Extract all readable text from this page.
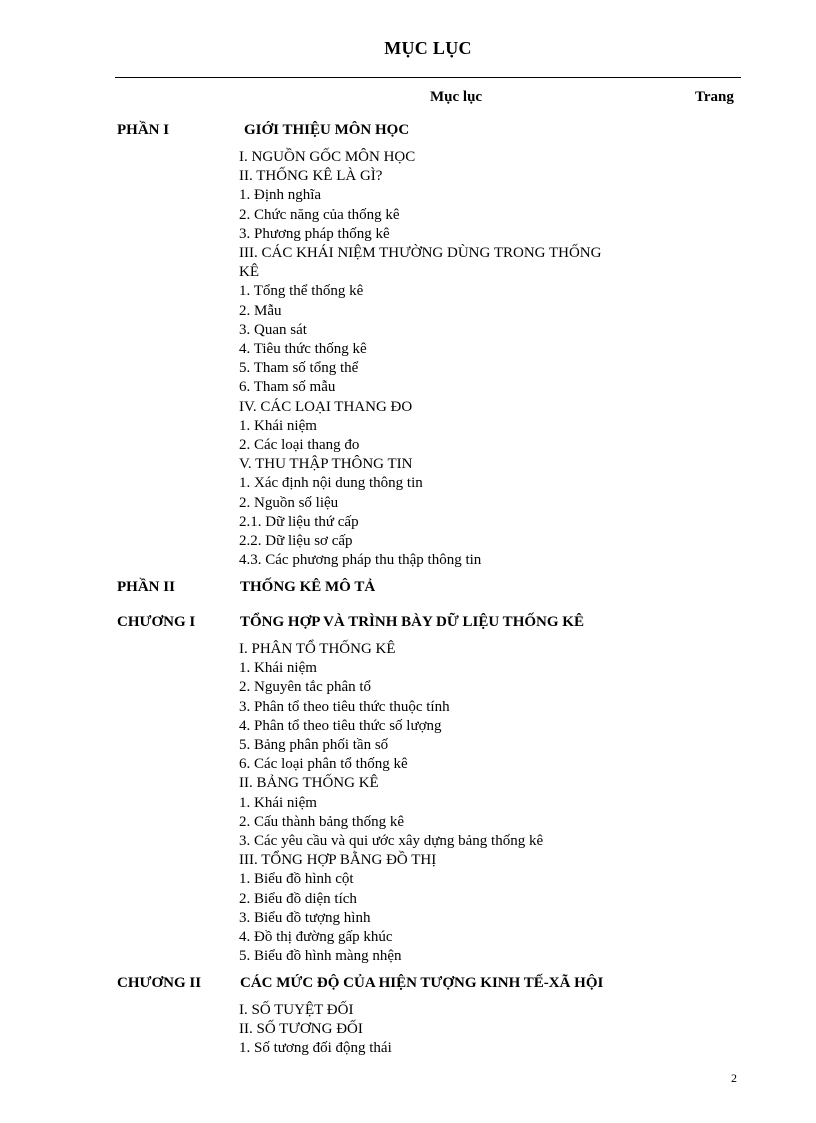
MỤC LỤC
Mục lục	Trang
PHẦN I	GIỚI THIỆU MÔN HỌC
I. NGUỒN GỐC MÔN HỌC
II. THỐNG KÊ LÀ GÌ?
1. Định nghĩa
2. Chức năng của thống kê
3. Phương pháp thống kê
III. CÁC KHÁI NIỆM THƯỜNG DÙNG TRONG THỐNG
KÊ
1. Tổng thể thống kê
2. Mẫu
3. Quan sát
4. Tiêu thức thống kê
5. Tham số tổng thể
6. Tham số mẫu
IV. CÁC LOẠI THANG ĐO
1. Khái niệm
2. Các loại thang đo
V. THU THẬP THÔNG TIN
1. Xác định nội dung thông tin
2. Nguồn số liệu
2.1. Dữ liệu thứ cấp
2.2. Dữ liệu sơ cấp
4.3. Các phương pháp thu thập thông tin
PHẦN II	THỐNG KÊ MÔ TẢ
CHƯƠNG I	TỔNG HỢP VÀ TRÌNH BÀY DỮ LIỆU THỐNG KÊ
I. PHÂN TỔ THỐNG KÊ
1. Khái niệm
2. Nguyên tắc phân tổ
3. Phân tổ theo tiêu thức thuộc tính
4. Phân tổ theo tiêu thức số lượng
5. Bảng phân phối tần số
6. Các loại phân tổ thống kê
II. BẢNG THỐNG KÊ
1. Khái niệm
2. Cấu thành bảng thống kê
3. Các yêu cầu và qui ước xây dựng bảng thống kê
III. TỔNG HỢP BẰNG ĐỒ THỊ
1. Biểu đồ hình cột
2. Biểu đồ diện tích
3. Biểu đồ tượng hình
4. Đồ thị đường gấp khúc
5. Biểu đồ hình màng nhện
CHƯƠNG II	CÁC MỨC ĐỘ CỦA HIỆN TƯỢNG KINH TẾ-XÃ HỘI
I. SỐ TUYỆT ĐỐI
II. SỐ TƯƠNG ĐỐI
1. Số tương đối động thái
2
